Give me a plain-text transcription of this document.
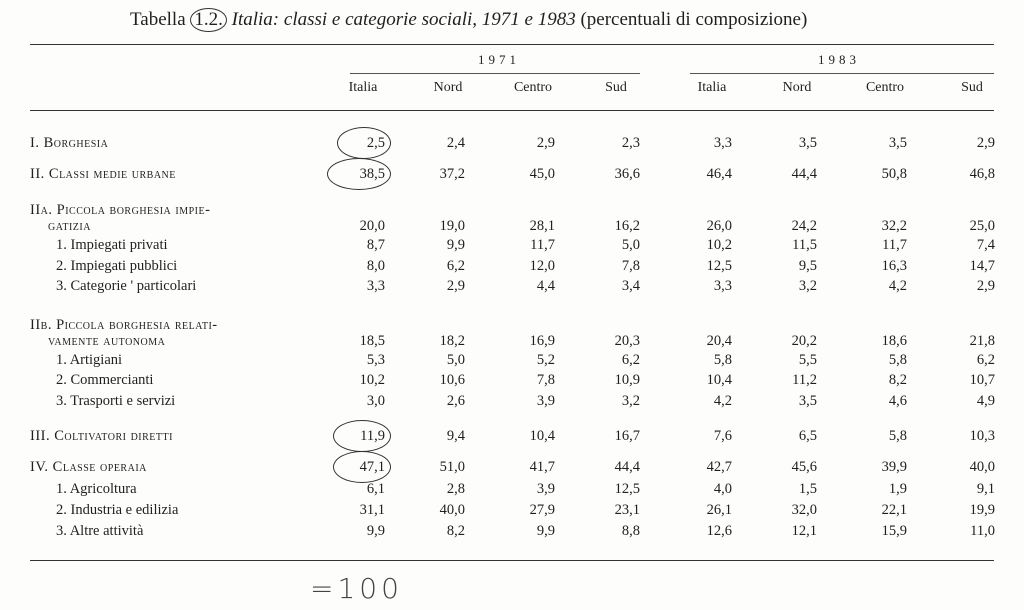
Tabella 1.2. Italia: classi e categorie sociali, 1971 e 1983 (percentuali di composizione)
1971	1983
Italia	Nord	Centro	Sud	Italia	Nord	Centro	Sud
I. Borghesia	2,5	2,4	2,9	2,3	3,3	3,5	3,5	2,9
II. Classi medie urbane	38,5	37,2	45,0	36,6	46,4	44,4	50,8	46,8
IIa. Piccola borghesia impie-
gatizia	20,0	19,0	28,1	16,2	26,0	24,2	32,2	25,0
1. Impiegati privati	8,7	9,9	11,7	5,0	10,2	11,5	11,7	7,4
2. Impiegati pubblici	8,0	6,2	12,0	7,8	12,5	9,5	16,3	14,7
3. Categorie ' particolari	3,3	2,9	4,4	3,4	3,3	3,2	4,2	2,9
IIb. Piccola borghesia relati-
vamente autonoma	18,5	18,2	16,9	20,3	20,4	20,2	18,6	21,8
1. Artigiani	5,3	5,0	5,2	6,2	5,8	5,5	5,8	6,2
2. Commercianti	10,2	10,6	7,8	10,9	10,4	11,2	8,2	10,7
3. Trasporti e servizi	3,0	2,6	3,9	3,2	4,2	3,5	4,6	4,9
III. Coltivatori diretti	11,9	9,4	10,4	16,7	7,6	6,5	5,8	10,3
IV. Classe operaia	47,1	51,0	41,7	44,4	42,7	45,6	39,9	40,0
1. Agricoltura	6,1	2,8	3,9	12,5	4,0	1,5	1,9	9,1
2. Industria e edilizia	31,1	40,0	27,9	23,1	26,1	32,0	22,1	19,9
3. Altre attività	9,9	8,2	9,9	8,8	12,6	12,1	15,9	11,0
=100
